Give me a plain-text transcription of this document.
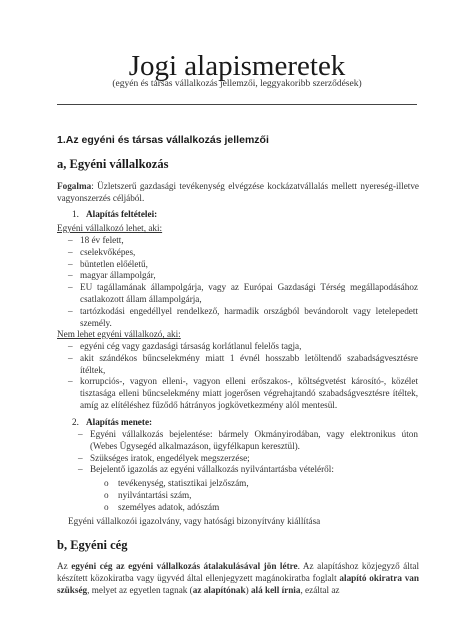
Jogi alapismeretek
(egyén és társas vállalkozás jellemzői, leggyakoribb szerződések)
1.Az egyéni és társas vállalkozás jellemzői
a, Egyéni vállalkozás
Fogalma: Üzletszerű gazdasági tevékenység elvégzése kockázatvállalás mellett nyereség-illetve vagyonszerzés céljából.
1. Alapítás feltételei:
Egyéni vállalkozó lehet, aki:
– 18 év felett,
– cselekvőképes,
– büntetlen előéletű,
– magyar állampolgár,
– EU tagállamának állampolgárja, vagy az Európai Gazdasági Térség megállapodásához csatlakozott állam állampolgárja,
– tartózkodási engedéllyel rendelkező, harmadik országból bevándorolt vagy letelepedett személy.
Nem lehet egyéni vállalkozó, aki:
– egyéni cég vagy gazdasági társaság korlátlanul felelős tagja,
– akit szándékos bűncselekmény miatt 1 évnél hosszabb letöltendő szabadságvesztésre ítéltek,
– korrupciós-, vagyon elleni-, vagyon elleni erőszakos-, költségvetést károsító-, közélet tisztasága elleni bűncselekmény miatt jogerősen végrehajtandó szabadságvesztésre ítéltek, amíg az elítéléshez fűződő hátrányos jogkövetkezmény alól mentesül.
2. Alapítás menete:
– Egyéni vállalkozás bejelentése: bármely Okmányirodában, vagy elektronikus úton (Webes Ügysegéd alkalmazáson, ügyfélkapun keresztül).
– Szükséges iratok, engedélyek megszerzése;
– Bejelentő igazolás az egyéni vállalkozás nyilvántartásba vételéről:
o tevékenység, statisztikai jelzőszám,
o nyilvántartási szám,
o személyes adatok, adószám
Egyéni vállalkozói igazolvány, vagy hatósági bizonyítvány kiállítása
b, Egyéni cég
Az egyéni cég az egyéni vállalkozás átalakulásával jön létre. Az alapításhoz közjegyző által készített közokiratba vagy ügyvéd által ellenjegyzett magánokiratba foglalt alapító okiratra van szükség, melyet az egyetlen tagnak (az alapítónak) alá kell írnia, ezáltal az
